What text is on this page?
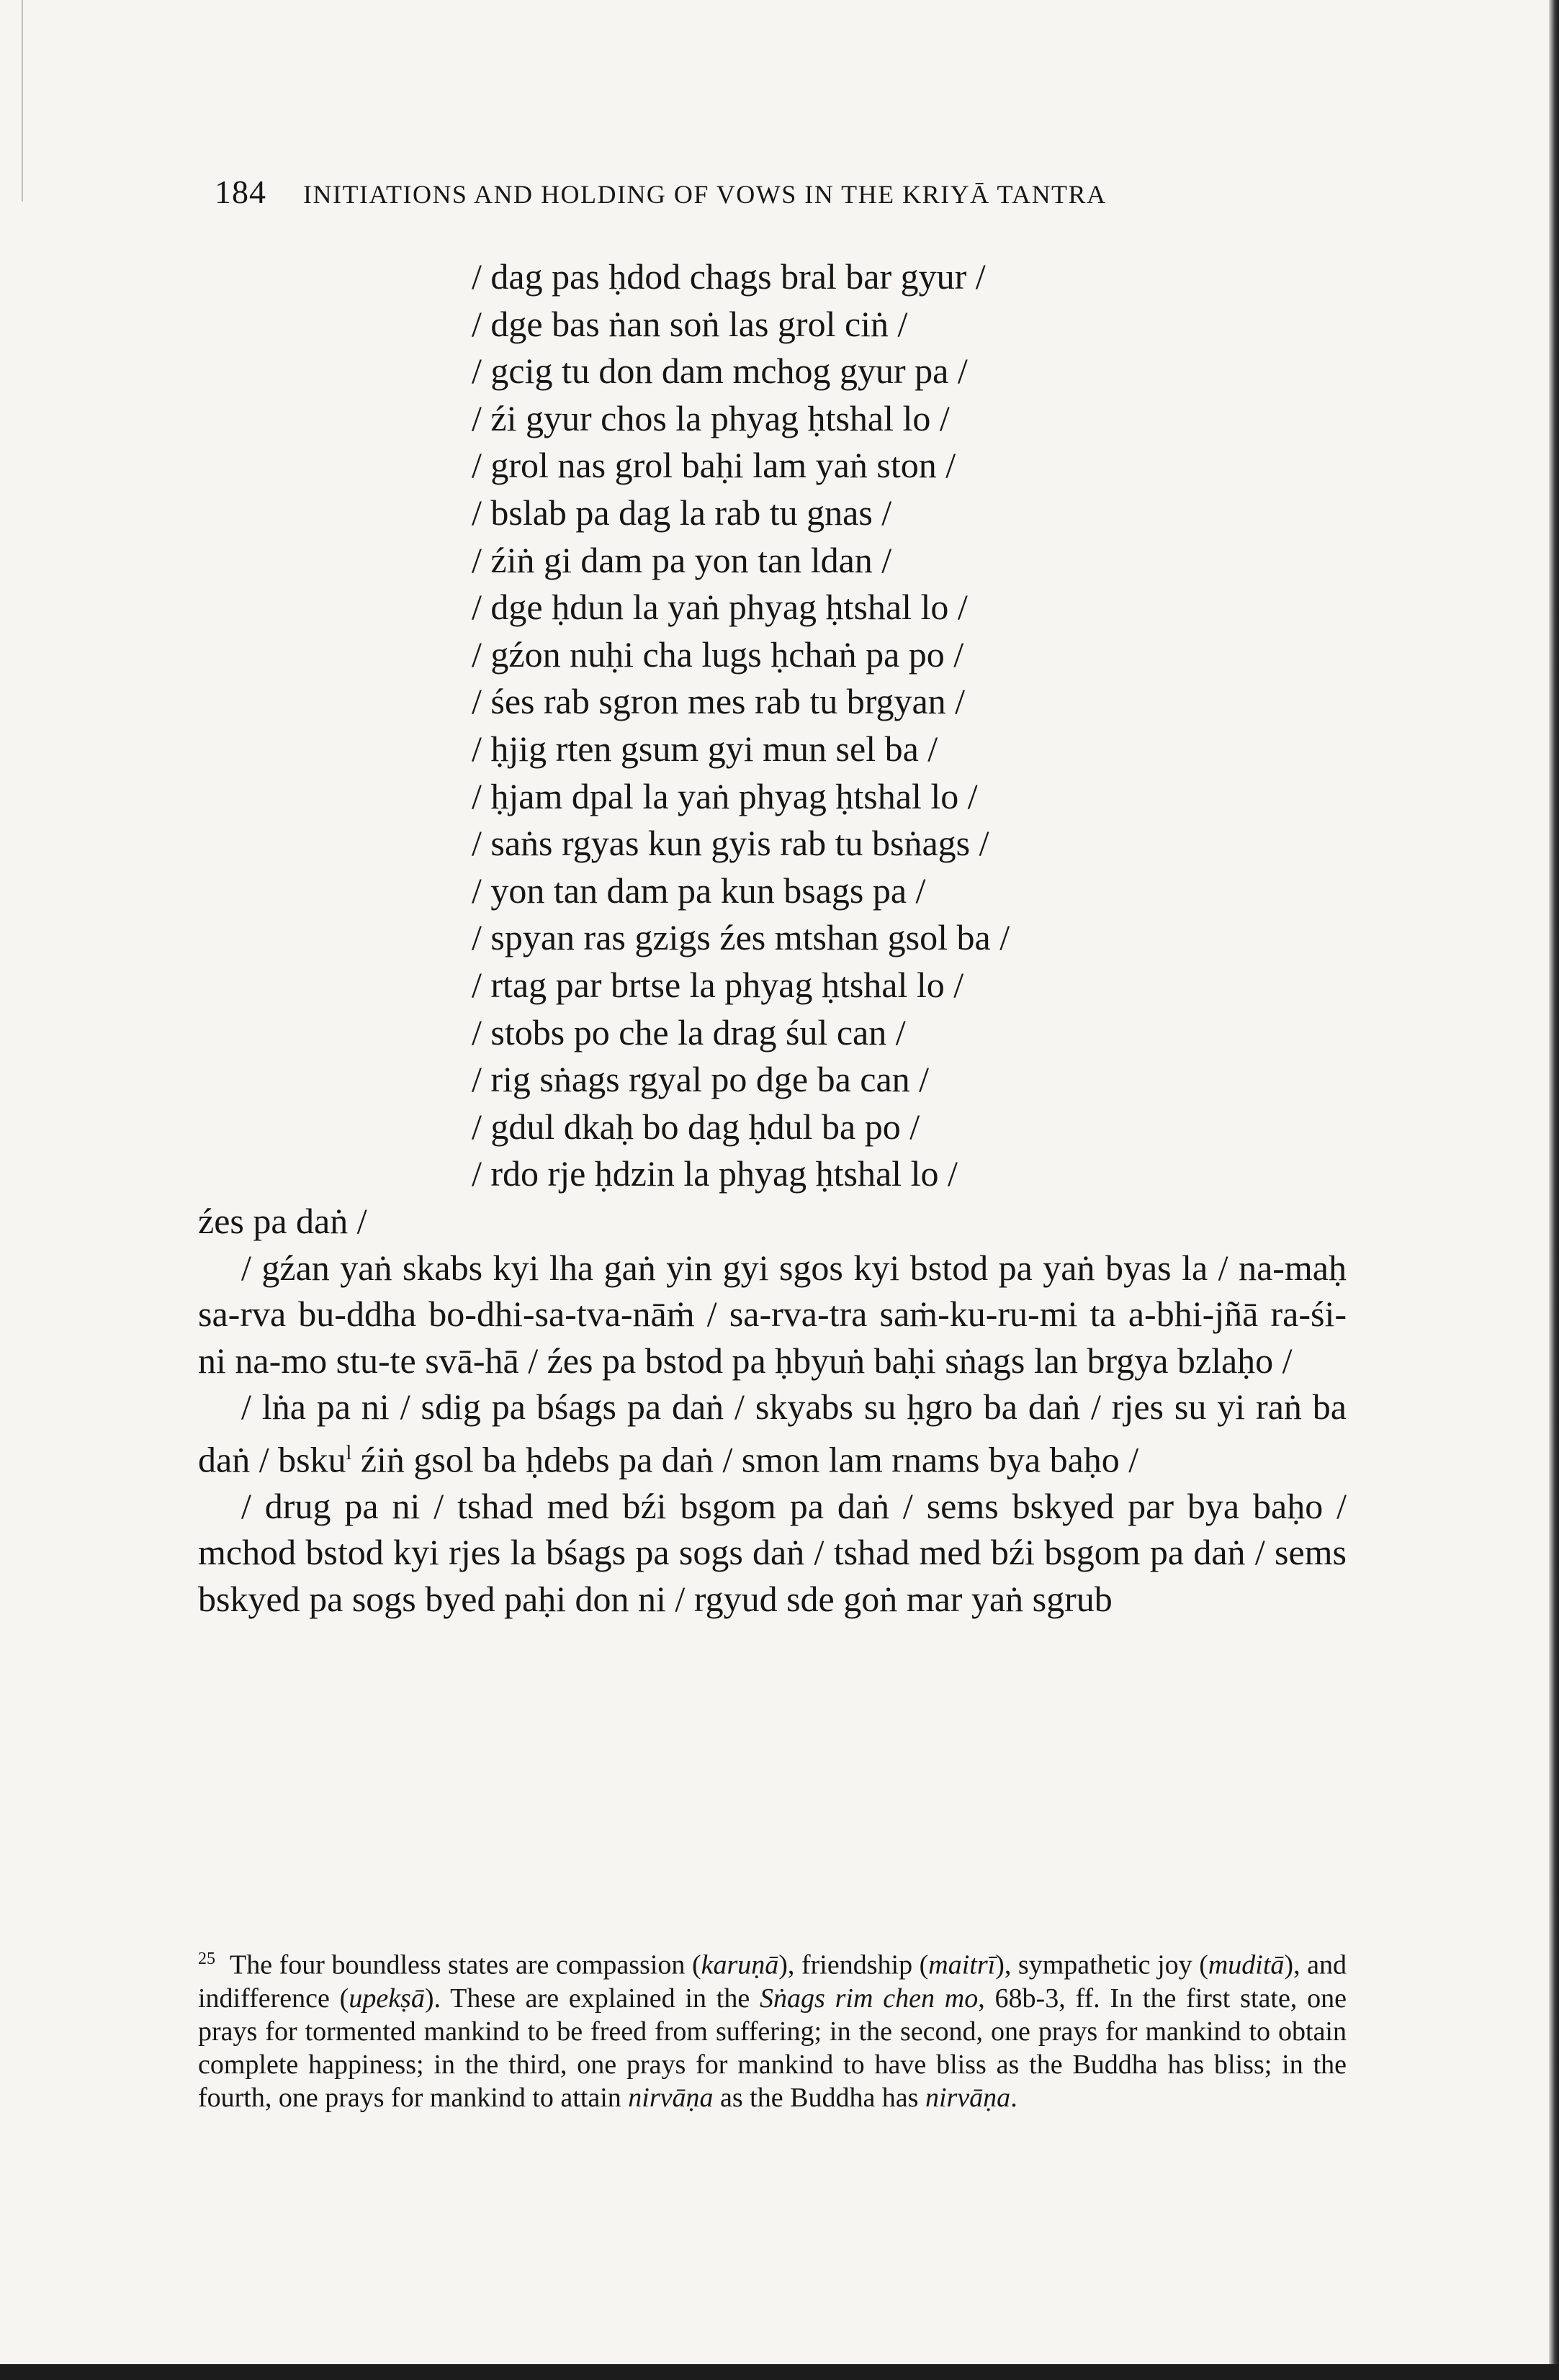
184 INITIATIONS AND HOLDING OF VOWS IN THE KRIYĀ TANTRA
/ dag pas ḥdod chags bral bar gyur /
/ dge bas ṅan soṅ las grol ciṅ /
/ gcig tu don dam mchog gyur pa /
/ źi gyur chos la phyag ḥtshal lo /
/ grol nas grol baḥi lam yaṅ ston /
/ bslab pa dag la rab tu gnas /
/ źiṅ gi dam pa yon tan ldan /
/ dge ḥdun la yaṅ phyag ḥtshal lo /
/ gźon nuḥi cha lugs ḥchaṅ pa po /
/ śes rab sgron mes rab tu brgyan /
/ ḥjig rten gsum gyi mun sel ba /
/ ḥjam dpal la yaṅ phyag ḥtshal lo /
/ saṅs rgyas kun gyis rab tu bsṅags /
/ yon tan dam pa kun bsags pa /
/ spyan ras gzigs źes mtshan gsol ba /
/ rtag par brtse la phyag ḥtshal lo /
/ stobs po che la drag śul can /
/ rig sṅags rgyal po dge ba can /
/ gdul dkaḥ bo dag ḥdul ba po /
/ rdo rje ḥdzin la phyag ḥtshal lo /

źes pa daṅ /

/ gźan yaṅ skabs kyi lha gaṅ yin gyi sgos kyi bstod pa yaṅ byas la / na-maḥ sa-rva bu-ddha bo-dhi-sa-tva-nāṁ / sa-rva-tra saṁ-ku-ru-mi ta a-bhi-jñā ra-śi-ni na-mo stu-te svā-hā / źes pa bstod pa ḥbyuṅ baḥi sṅags lan brgya bzlaḥo /

/ lṅa pa ni / sdig pa bśags pa daṅ / skyabs su ḥgro ba daṅ / rjes su yi raṅ ba daṅ / bsku$^l$ źiṅ gsol ba ḥdebs pa daṅ / smon lam rnams bya baḥo /

/ drug pa ni / tshad med bźi bsgom pa daṅ / sems bskyed par bya baḥo / mchod bstod kyi rjes la bśags pa sogs daṅ / tshad med bźi bsgom pa daṅ / sems bskyed pa sogs byed paḥi don ni / rgyud sde goṅ mar yaṅ sgrub

$^{25}$ The four boundless states are compassion (karuṇā), friendship (maitrī), sympathetic joy (muditā), and indifference (upekṣā). These are explained in the Sṅags rim chen mo, 68b-3, ff. In the first state, one prays for tormented mankind to be freed from suffering; in the second, one prays for mankind to obtain complete happiness; in the third, one prays for mankind to have bliss as the Buddha has bliss; in the fourth, one prays for mankind to attain nirvāṇa as the Buddha has nirvāṇa.
